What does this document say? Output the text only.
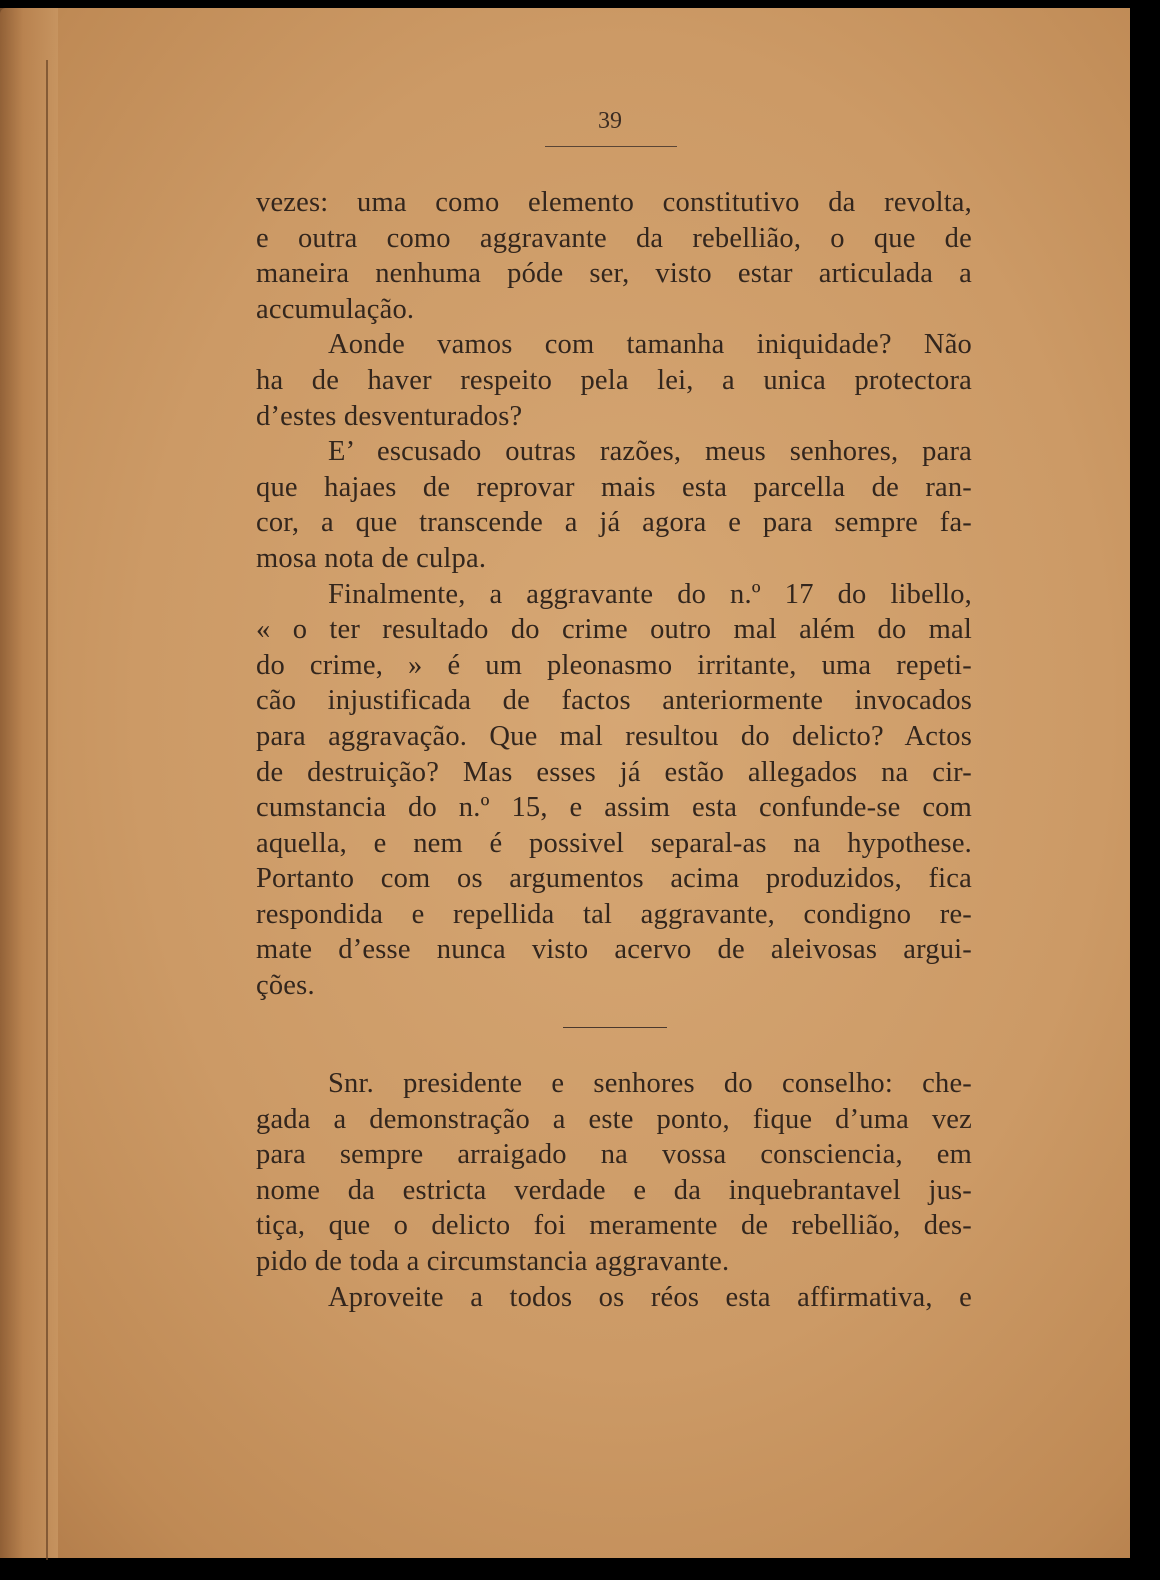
39
vezes: uma como elemento constitutivo da revolta,
e outra como aggravante da rebellião, o que de
maneira nenhuma póde ser, visto estar articulada a
accumulação.
Aonde vamos com tamanha iniquidade? Não
ha de haver respeito pela lei, a unica protectora
d’estes desventurados?
E’ escusado outras razões, meus senhores, para
que hajaes de reprovar mais esta parcella de ran-
cor, a que transcende a já agora e para sempre fa-
mosa nota de culpa.
Finalmente, a aggravante do n.º 17 do libello,
« o ter resultado do crime outro mal além do mal
do crime, » é um pleonasmo irritante, uma repeti-
cão injustificada de factos anteriormente invocados
para aggravação. Que mal resultou do delicto? Actos
de destruição? Mas esses já estão allegados na cir-
cumstancia do n.º 15, e assim esta confunde-se com
aquella, e nem é possivel separal-as na hypothese.
Portanto com os argumentos acima produzidos, fica
respondida e repellida tal aggravante, condigno re-
mate d’esse nunca visto acervo de aleivosas argui-
ções.
Snr. presidente e senhores do conselho: che-
gada a demonstração a este ponto, fique d’uma vez
para sempre arraigado na vossa consciencia, em
nome da estricta verdade e da inquebrantavel jus-
tiça, que o delicto foi meramente de rebellião, des-
pido de toda a circumstancia aggravante.
Aproveite a todos os réos esta affirmativa, e
